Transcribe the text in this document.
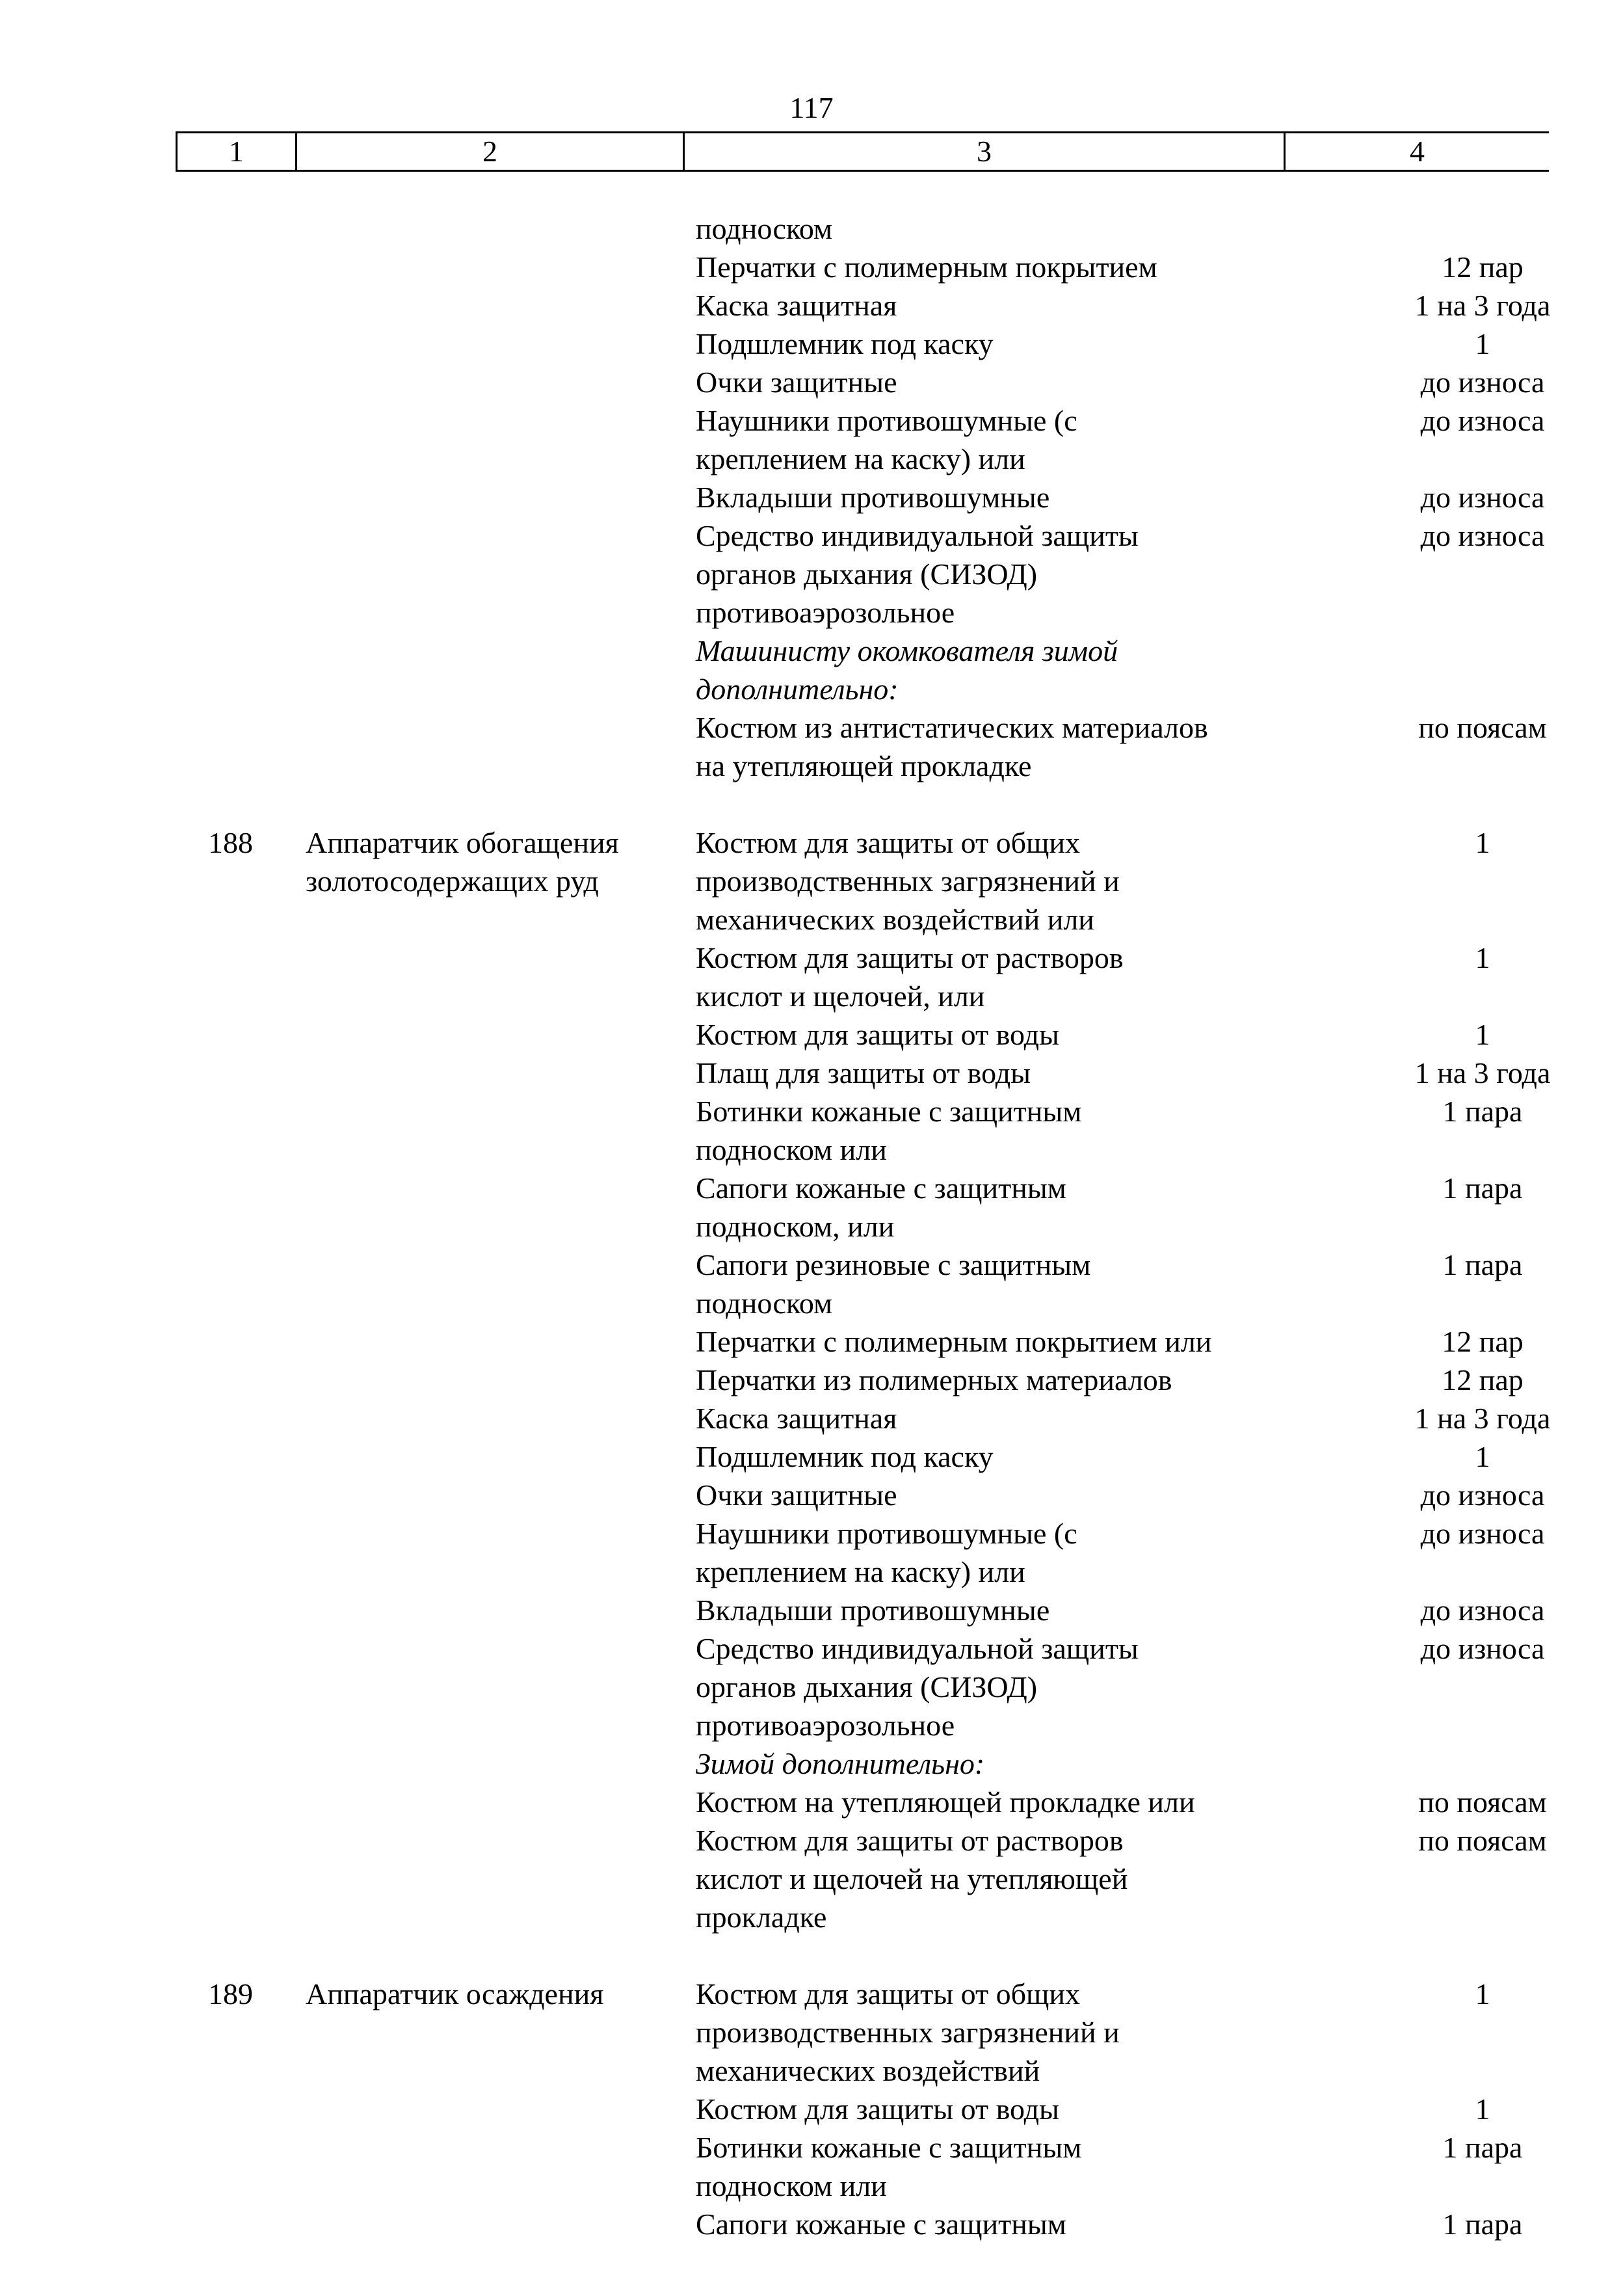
117
1	2	3	4
подноском
Перчатки с полимерным покрытием	12 пар
Каска защитная	1 на 3 года
Подшлемник под каску	1
Очки защитные	до износа
Наушники противошумные (с	до износа
креплением на каску) или
Вкладыши противошумные	до износа
Средство индивидуальной защиты	до износа
органов дыхания (СИЗОД)
противоаэрозольное
Машинисту окомкователя зимой
дополнительно:
Костюм из антистатических материалов	по поясам
на утепляющей прокладке
188	Аппаратчик обогащения	Костюм для защиты от общих	1
золотосодержащих руд	производственных загрязнений и
механических воздействий или
Костюм для защиты от растворов	1
кислот и щелочей, или
Костюм для защиты от воды	1
Плащ для защиты от воды	1 на 3 года
Ботинки кожаные с защитным	1 пара
подноском или
Сапоги кожаные с защитным	1 пара
подноском, или
Сапоги резиновые с защитным	1 пара
подноском
Перчатки с полимерным покрытием или	12 пар
Перчатки из полимерных материалов	12 пар
Каска защитная	1 на 3 года
Подшлемник под каску	1
Очки защитные	до износа
Наушники противошумные (с	до износа
креплением на каску) или
Вкладыши противошумные	до износа
Средство индивидуальной защиты	до износа
органов дыхания (СИЗОД)
противоаэрозольное
Зимой дополнительно:
Костюм на утепляющей прокладке или	по поясам
Костюм для защиты от растворов	по поясам
кислот и щелочей на утепляющей
прокладке
189	Аппаратчик осаждения	Костюм для защиты от общих	1
производственных загрязнений и
механических воздействий
Костюм для защиты от воды	1
Ботинки кожаные с защитным	1 пара
подноском или
Сапоги кожаные с защитным	1 пара
